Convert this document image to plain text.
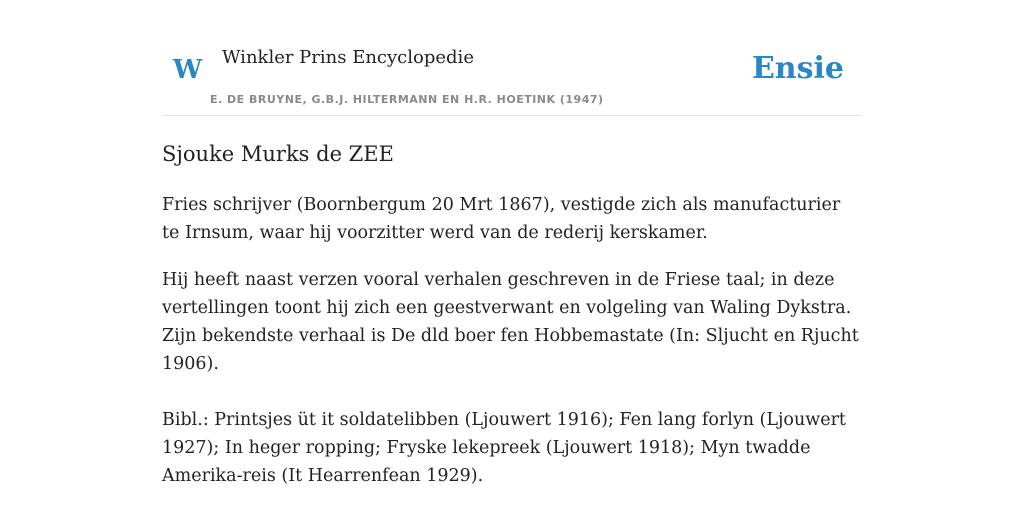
W Winkler Prins Encyclopedie
E. DE BRUYNE, G.B.J. HILTERMANN EN H.R. HOETINK (1947)
Ensie
Sjouke Murks de ZEE

Fries schrijver (Boornbergum 20 Mrt 1867), vestigde zich als manufacturier te Irnsum, waar hij voorzitter werd van de rederij kerskamer.

Hij heeft naast verzen vooral verhalen geschreven in de Friese taal; in deze vertellingen toont hij zich een geestverwant en volgeling van Waling Dykstra. Zijn bekendste verhaal is De dld boer fen Hobbemastate (In: Sljucht en Rjucht 1906).

Bibl.: Printsjes üt it soldatelibben (Ljouwert 1916); Fen lang forlyn (Ljouwert 1927); In heger ropping; Fryske lekepreek (Ljouwert 1918); Myn twadde Amerika-reis (It Hearrenfean 1929).
